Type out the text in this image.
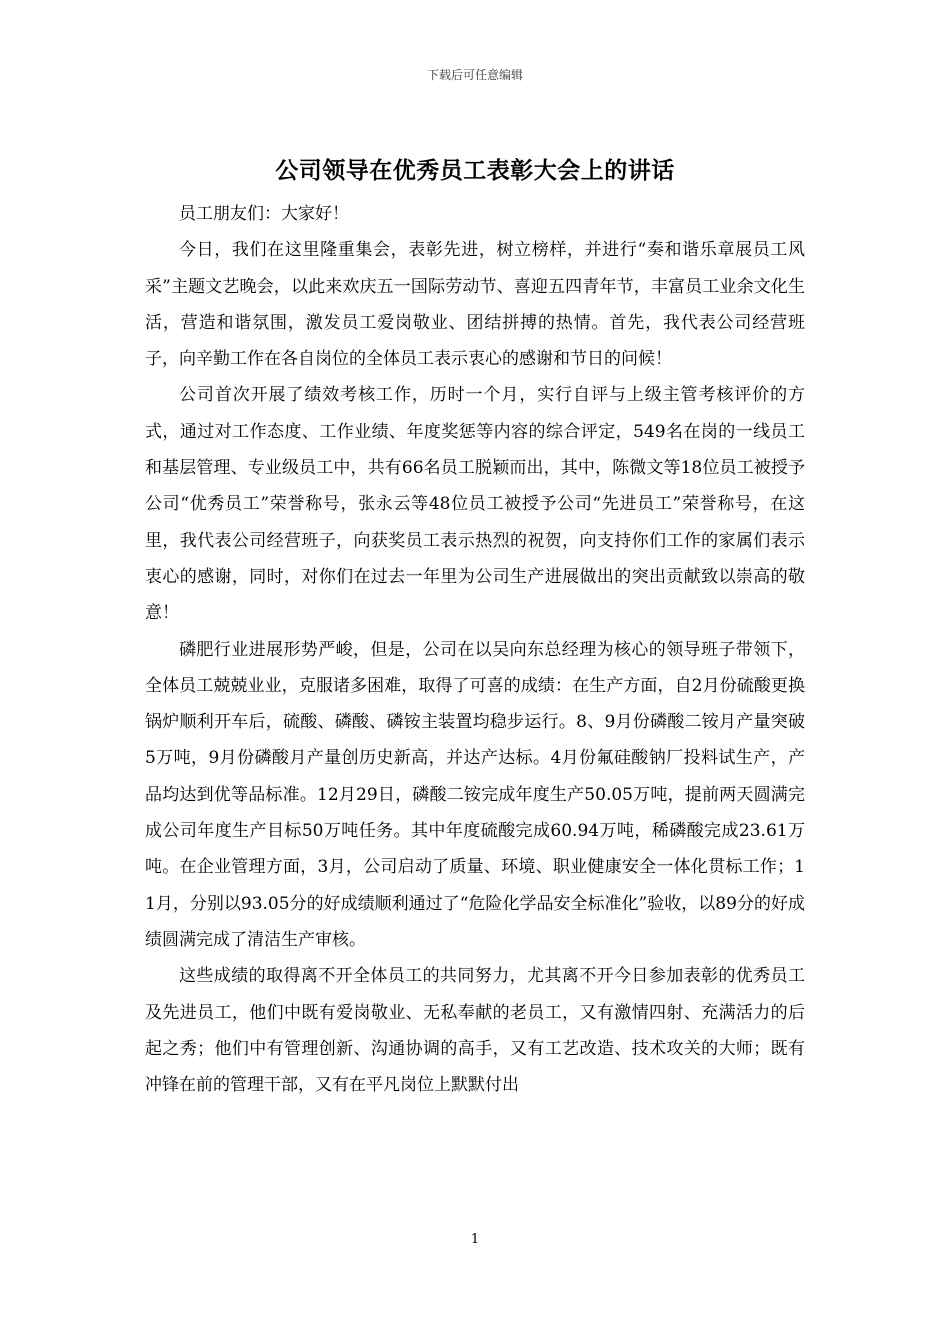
下载后可任意编辑
公司领导在优秀员工表彰大会上的讲话

员工朋友们：大家好！

今日，我们在这里隆重集会，表彰先进，树立榜样，并进行“奏和谐乐章展员工风采”主题文艺晚会，以此来欢庆五一国际劳动节、喜迎五四青年节，丰富员工业余文化生活，营造和谐氛围，激发员工爱岗敬业、团结拼搏的热情。首先，我代表公司经营班子，向辛勤工作在各自岗位的全体员工表示衷心的感谢和节日的问候！

公司首次开展了绩效考核工作，历时一个月，实行自评与上级主管考核评价的方式，通过对工作态度、工作业绩、年度奖惩等内容的综合评定，549名在岗的一线员工和基层管理、专业级员工中，共有66名员工脱颖而出，其中，陈微文等18位员工被授予公司“优秀员工”荣誉称号，张永云等48位员工被授予公司“先进员工”荣誉称号，在这里，我代表公司经营班子，向获奖员工表示热烈的祝贺，向支持你们工作的家属们表示衷心的感谢，同时，对你们在过去一年里为公司生产进展做出的突出贡献致以崇高的敬意！

磷肥行业进展形势严峻，但是，公司在以吴向东总经理为核心的领导班子带领下，全体员工兢兢业业，克服诸多困难，取得了可喜的成绩：在生产方面，自2月份硫酸更换锅炉顺利开车后，硫酸、磷酸、磷铵主装置均稳步运行。8、9月份磷酸二铵月产量突破5万吨，9月份磷酸月产量创历史新高，并达产达标。4月份氟硅酸钠厂投料试生产，产品均达到优等品标准。12月29日，磷酸二铵完成年度生产50.05万吨，提前两天圆满完成公司年度生产目标50万吨任务。其中年度硫酸完成60.94万吨，稀磷酸完成23.61万吨。在企业管理方面，3月，公司启动了质量、环境、职业健康安全一体化贯标工作；11月，分别以93.05分的好成绩顺利通过了“危险化学品安全标准化”验收，以89分的好成绩圆满完成了清洁生产审核。

这些成绩的取得离不开全体员工的共同努力，尤其离不开今日参加表彰的优秀员工及先进员工，他们中既有爱岗敬业、无私奉献的老员工，又有激情四射、充满活力的后起之秀；他们中有管理创新、沟通协调的高手，又有工艺改造、技术攻关的大师；既有冲锋在前的管理干部，又有在平凡岗位上默默付出

1
